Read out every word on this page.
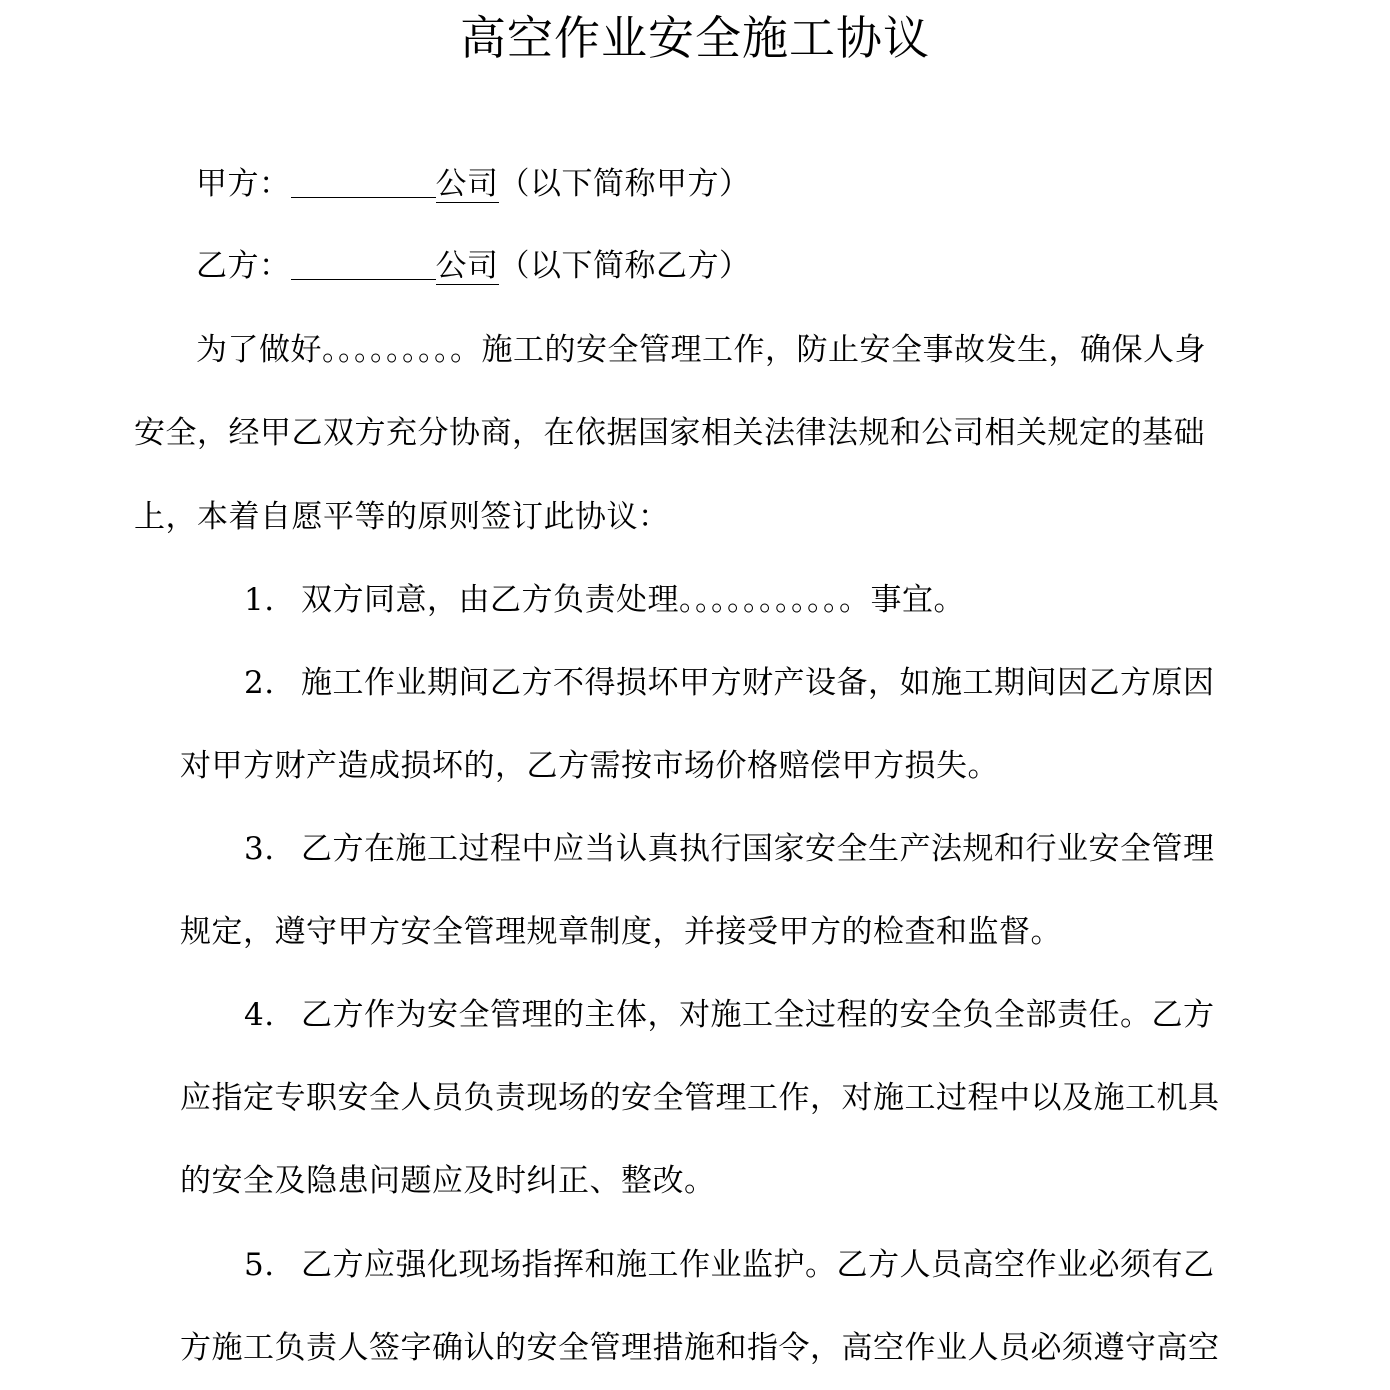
高空作业安全施工协议
甲方：	公司（以下简称甲方）
乙方：	公司（以下简称乙方）
为了做好。。。。。。。。。施工的安全管理工作，防止安全事故发生，确保人身
安全，经甲乙双方充分协商，在依据国家相关法律法规和公司相关规定的基础
上，本着自愿平等的原则签订此协议：
1. 双方同意，由乙方负责处理。。。。。。。。。。。事宜。
2. 施工作业期间乙方不得损坏甲方财产设备，如施工期间因乙方原因
对甲方财产造成损坏的，乙方需按市场价格赔偿甲方损失。
3. 乙方在施工过程中应当认真执行国家安全生产法规和行业安全管理
规定，遵守甲方安全管理规章制度，并接受甲方的检查和监督。
4. 乙方作为安全管理的主体，对施工全过程的安全负全部责任。乙方
应指定专职安全人员负责现场的安全管理工作，对施工过程中以及施工机具
的安全及隐患问题应及时纠正、整改。
5. 乙方应强化现场指挥和施工作业监护。乙方人员高空作业必须有乙
方施工负责人签字确认的安全管理措施和指令，高空作业人员必须遵守高空
